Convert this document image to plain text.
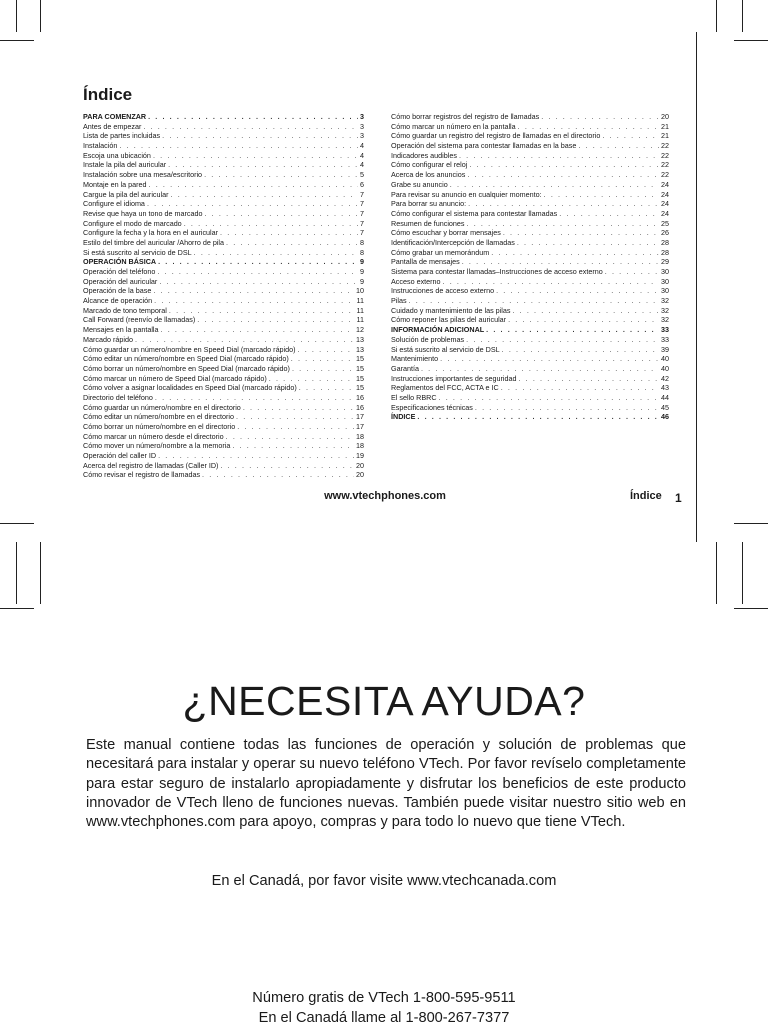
Índice
PARA COMENZAR . . .	3
Antes de empezar . . .	3
Lista de partes incluidas . . .	3
Instalación . . .	4
Escoja una ubicación . . .	4
Instale la pila del auricular . . .	4
Instalación sobre una mesa/escritorio . . .	5
Montaje en la pared . . .	6
Cargue la pila del auricular . . .	7
Configure el idioma . . .	7
Revise que haya un tono de marcado . . .	7
Configure el modo de marcado . . .	7
Configure la fecha y la hora en el auricular . . .	7
Estilo del timbre del auricular /Ahorro de pila . . .	8
Si está suscrito al servicio de DSL . . .	8
OPERACIÓN BÁSICA . . .	9
Operación del teléfono . . .	9
Operación del auricular . . .	9
Operación de la base . . .	10
Alcance de operación . . .	11
Marcado de tono temporal . . .	11
Call Forward (reenvío de llamadas) . . .	11
Mensajes en la pantalla . . .	12
Marcado rápido . . .	13
Cómo guardar un número/nombre en Speed Dial (marcado rápido) . . .	13
Cómo editar un número/nombre en Speed Dial (marcado rápido) . . .	15
Cómo borrar un número/nombre en Speed Dial (marcado rápido) . . .	15
Cómo marcar un número de Speed Dial (marcado rápido) . . .	15
Cómo volver a asignar localidades en Speed Dial (marcado rápido) . . .	15
Directorio del teléfono . . .	16
Cómo guardar un número/nombre en el directorio . . .	16
Cómo editar un número/nombre en el directorio . . .	17
Cómo borrar un número/nombre en el directorio . . .	17
Cómo marcar un número desde el directorio . . .	18
Cómo mover un número/nombre a la memoria . . .	18
Operación del caller ID . . .	19
Acerca del registro de llamadas (Caller ID) . . .	20
Cómo revisar el registro de llamadas . . .	20
Cómo borrar registros del registro de llamadas . . .	20
Cómo marcar un número en la pantalla . . .	21
Cómo guardar un registro del registro de llamadas en el directorio . . .	21
Operación del sistema para contestar llamadas en la base . . .	22
Indicadores audibles . . .	22
Cómo configurar el reloj . . .	22
Acerca de los anuncios . . .	22
Grabe su anuncio . . .	24
Para revisar su anuncio en cualquier momento: . . .	24
Para borrar su anuncio: . . .	24
Cómo configurar el sistema para contestar llamadas . . .	24
Resumen de funciones . . .	25
Cómo escuchar y borrar mensajes . . .	26
Identificación/Intercepción de llamadas . . .	28
Cómo grabar un memorándum . . .	28
Pantalla de mensajes . . .	29
Sistema para contestar llamadas–Instrucciones de acceso externo . . .	30
Acceso externo . . .	30
Instrucciones de acceso externo . . .	30
Pilas . . .	32
Cuidado y mantenimiento de las pilas . . .	32
Cómo reponer las pilas del auricular . . .	32
INFORMACIÓN ADICIONAL . . .	33
Solución de problemas . . .	33
Si está suscrito al servicio de DSL . . .	39
Mantenimiento . . .	40
Garantía . . .	40
Instrucciones importantes de seguridad . . .	42
Reglamentos del FCC, ACTA e IC . . .	43
El sello RBRC . . .	44
Especificaciones técnicas . . .	45
ÍNDICE . . .	46
www.vtechphones.com	Índice 1
¿NECESITA AYUDA?

Este manual contiene todas las funciones de operación y solución de problemas que necesitará para instalar y operar su nuevo teléfono VTech. Por favor revíselo completamente para estar seguro de instalarlo apropiadamente y disfrutar los beneficios de este producto innovador de VTech lleno de funciones nuevas. También puede visitar nuestro sitio web en www.vtechphones.com para apoyo, compras y para todo lo nuevo que tiene VTech.

En el Canadá, por favor visite www.vtechcanada.com
Número gratis de VTech 1-800-595-9511
En el Canadá llame al 1-800-267-7377
